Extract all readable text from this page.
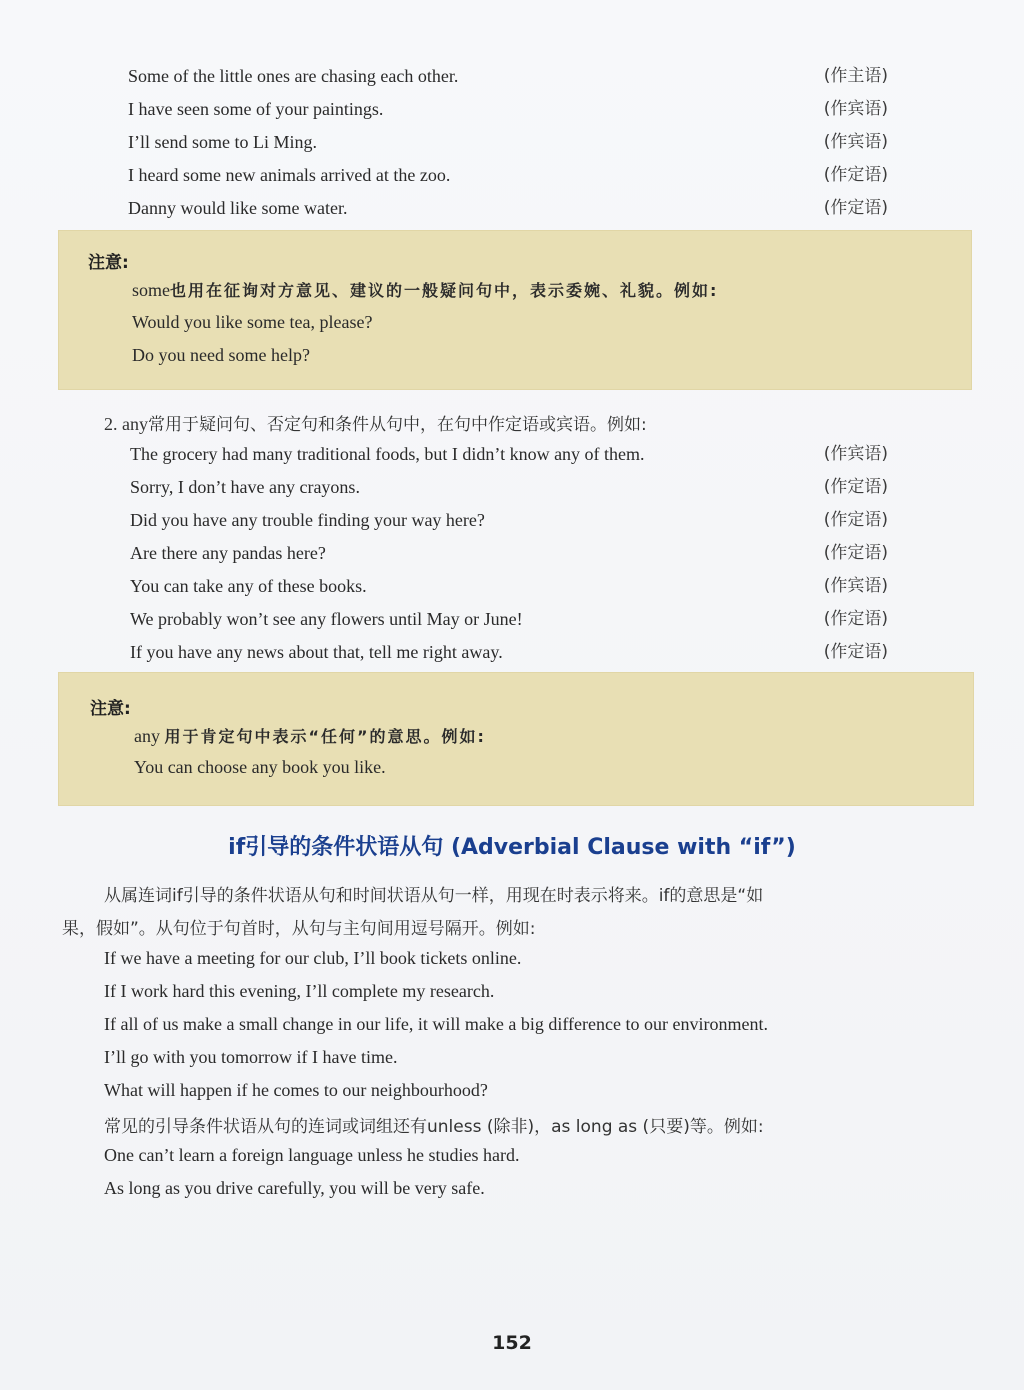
Some of the little ones are chasing each other.	(作主语)
I have seen some of your paintings.	(作宾语)
I’ll send some to Li Ming.	(作宾语)
I heard some new animals arrived at the zoo.	(作定语)
Danny would like some water.	(作定语)
注意:
some也用在征询对方意见、建议的一般疑问句中，表示委婉、礼貌。例如:
Would you like some tea, please?
Do you need some help?
2. any常用于疑问句、否定句和条件从句中，在句中作定语或宾语。例如:
The grocery had many traditional foods, but I didn’t know any of them.	(作宾语)
Sorry, I don’t have any crayons.	(作定语)
Did you have any trouble finding your way here?	(作定语)
Are there any pandas here?	(作定语)
You can take any of these books.	(作宾语)
We probably won’t see any flowers until May or June!	(作定语)
If you have any news about that, tell me right away.	(作定语)
注意:
any 用于肯定句中表示“任何”的意思。例如:
You can choose any book you like.
if引导的条件状语从句 (Adverbial Clause with “if”)
从属连词if引导的条件状语从句和时间状语从句一样，用现在时表示将来。if的意思是“如
果，假如”。从句位于句首时，从句与主句间用逗号隔开。例如:
If we have a meeting for our club, I’ll book tickets online.
If I work hard this evening, I’ll complete my research.
If all of us make a small change in our life, it will make a big difference to our environment.
I’ll go with you tomorrow if I have time.
What will happen if he comes to our neighbourhood?
常见的引导条件状语从句的连词或词组还有unless (除非)，as long as (只要)等。例如:
One can’t learn a foreign language unless he studies hard.
As long as you drive carefully, you will be very safe.
152
